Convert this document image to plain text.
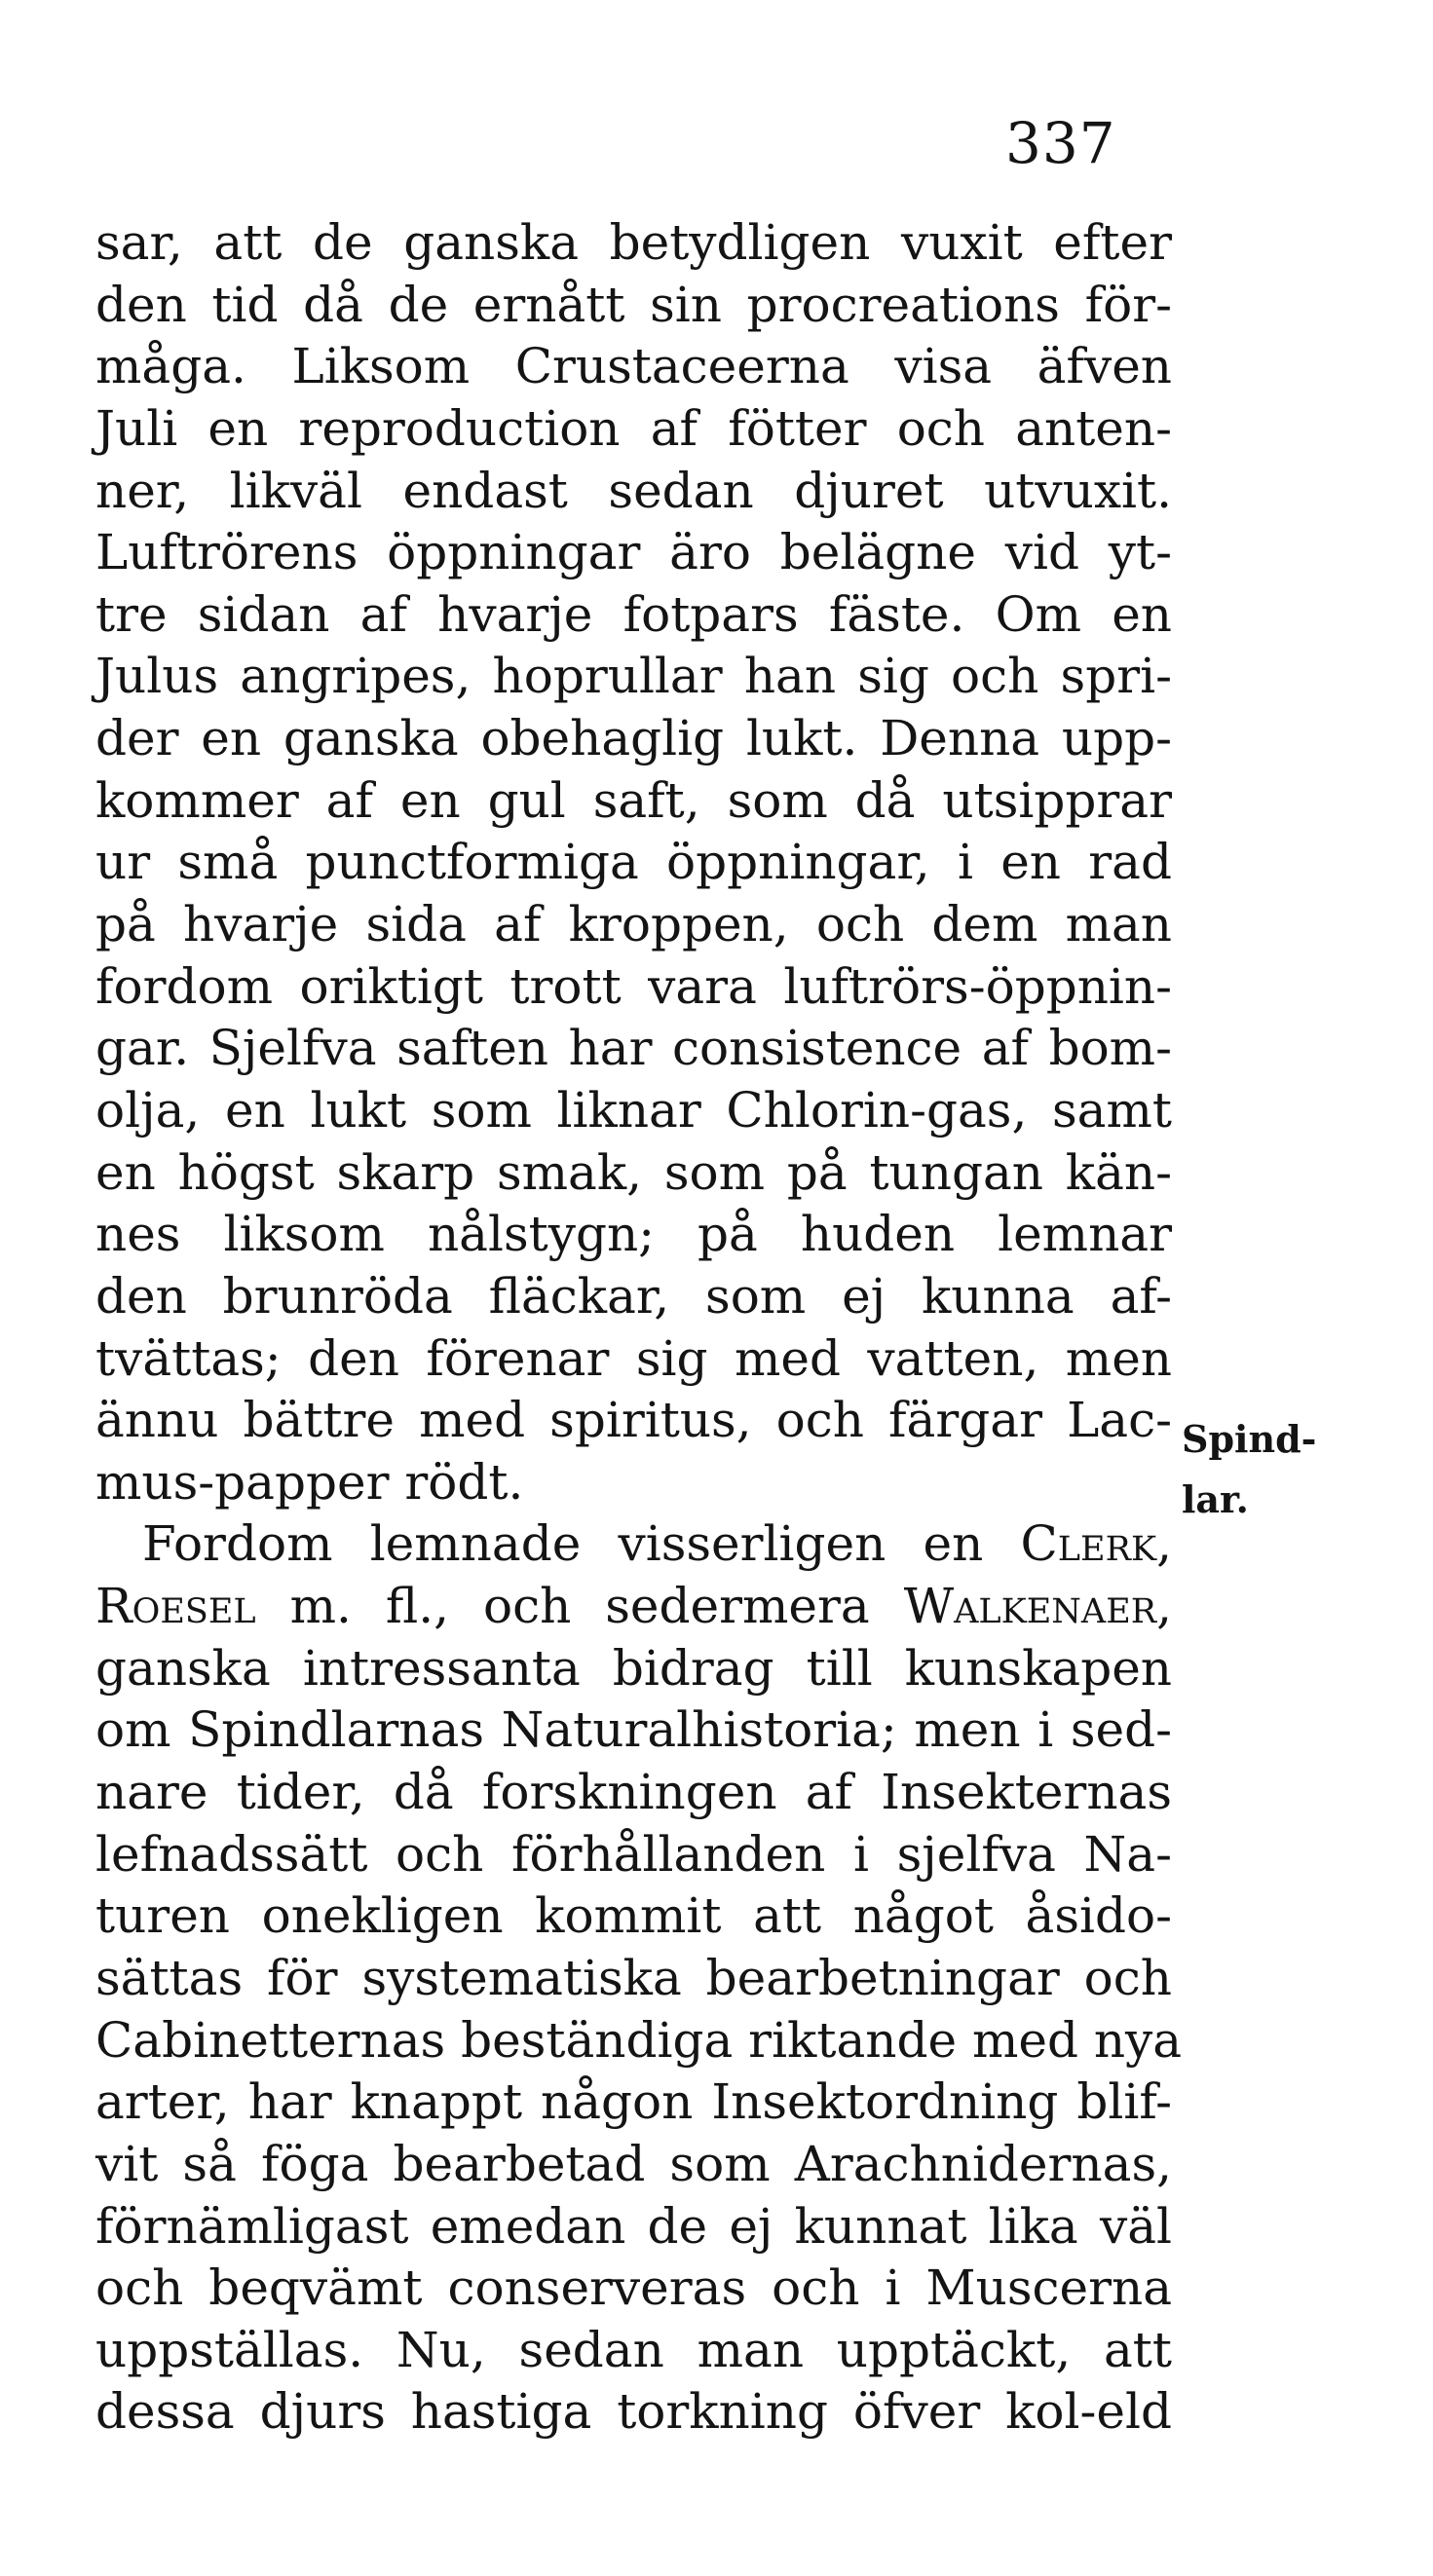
337
sar, att de ganska betydligen vuxit efter
den tid då de ernått sin procreations för-
måga. Liksom Crustaceerna visa äfven
Juli en reproduction af fötter och anten-
ner, likväl endast sedan djuret utvuxit.
Luftrörens öppningar äro belägne vid yt-
tre sidan af hvarje fotpars fäste. Om en
Julus angripes, hoprullar han sig och spri-
der en ganska obehaglig lukt. Denna upp-
kommer af en gul saft, som då utsipprar
ur små punctformiga öppningar, i en rad
på hvarje sida af kroppen, och dem man
fordom oriktigt trott vara luftrörs-öppnin-
gar. Sjelfva saften har consistence af bom-
olja, en lukt som liknar Chlorin-gas, samt
en högst skarp smak, som på tungan kän-
nes liksom nålstygn; på huden lemnar
den brunröda fläckar, som ej kunna af-
tvättas; den förenar sig med vatten, men
ännu bättre med spiritus, och färgar Lac-
mus-papper rödt.
Fordom lemnade visserligen en Clerk,
Roesel m. fl., och sedermera Walkenaer,
ganska intressanta bidrag till kunskapen
om Spindlarnas Naturalhistoria; men i sed-
nare tider, då forskningen af Insekternas
lefnadssätt och förhållanden i sjelfva Na-
turen onekligen kommit att något åsido-
sättas för systematiska bearbetningar och
Cabinetternas beständiga riktande med nya
arter, har knappt någon Insektordning blif-
vit så föga bearbetad som Arachnidernas,
förnämligast emedan de ej kunnat lika väl
och beqvämt conserveras och i Muscerna
uppställas. Nu, sedan man upptäckt, att
dessa djurs hastiga torkning öfver kol-eld
Spind-
lar.
